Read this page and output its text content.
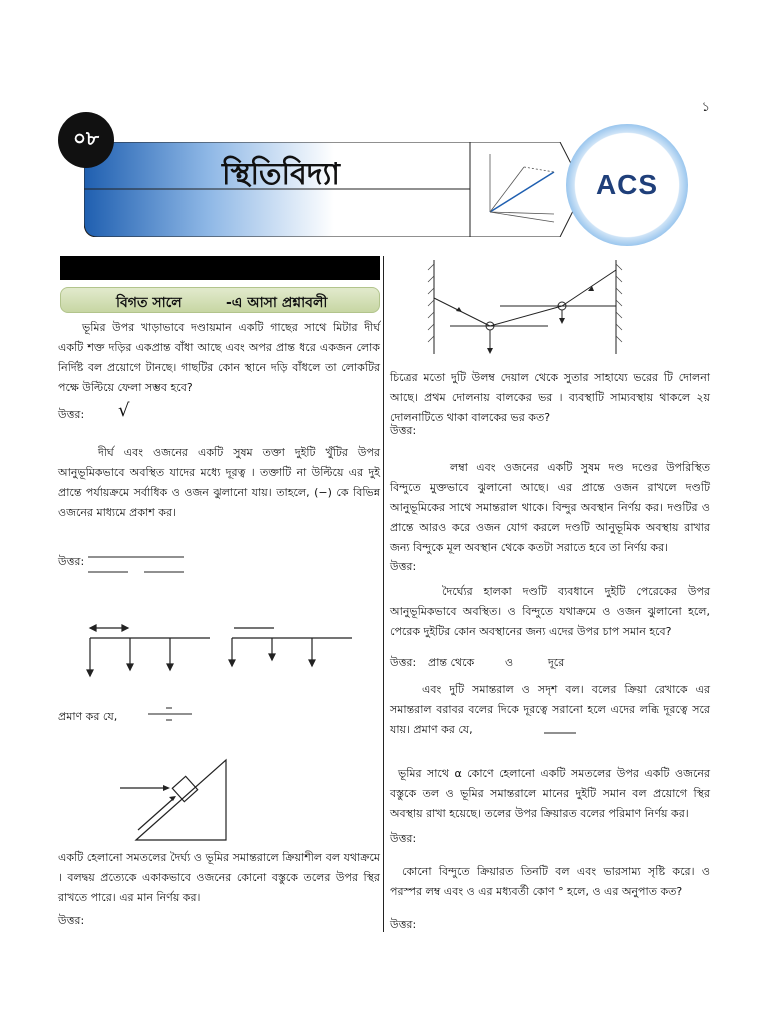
১
স্থিতিবিদ্যা
০৮
ACS
বিগত সালে	-এ আসা প্রশ্নাবলী

ভূমির উপর খাড়াভাবে দণ্ডায়মান একটি গাছের সাথে মিটার দীর্ঘ একটি শক্ত দড়ির একপ্রান্ত বাঁধা আছে এবং অপর প্রান্ত ধরে একজন লোক নির্দিষ্ট বল প্রয়োগে টানছে। গাছটির কোন স্থানে দড়ি বাঁধলে তা লোকটির পক্ষে উল্টিয়ে ফেলা সম্ভব হবে?

উত্তর: √

দীর্ঘ এবং ওজনের একটি সুষম তক্তা দুইটি খুঁটির উপর আনুভূমিকভাবে অবস্থিত যাদের মধ্যে দূরত্ব । তক্তাটি না উল্টিয়ে এর দুই প্রান্তে পর্যায়ক্রমে সর্বাধিক ও ওজন ঝুলানো যায়। তাহলে, (−) কে বিভিন্ন ওজনের মাধ্যমে প্রকাশ কর।

উত্তর:
প্রমাণ কর যে,

একটি হেলানো সমতলের দৈর্ঘ্য ও ভূমির সমান্তরালে ক্রিয়াশীল বল যথাক্রমে । বলদ্বয় প্রত্যেকে একাকভাবে ওজনের কোনো বস্তুকে তলের উপর স্থির রাখতে পারে। এর মান নির্ণয় কর।

উত্তর:

চিত্রের মতো দুটি উলম্ব দেয়াল থেকে সুতার সাহায্যে ভরের টি দোলনা আছে। প্রথম দোলনায় বালকের ভর । ব্যবস্থাটি সাম্যবস্থায় থাকলে ২য় দোলনাটিতে থাকা বালকের ভর কত?

উত্তর:

লম্বা এবং ওজনের একটি সুষম দণ্ড দণ্ডের উপরিস্থিত বিন্দুতে মুক্তভাবে ঝুলানো আছে। এর প্রান্তে ওজন রাখলে দণ্ডটি আনুভূমিকের সাথে সমান্তরাল থাকে। বিন্দুর অবস্থান নির্ণয় কর। দণ্ডটির ও প্রান্তে আরও করে ওজন যোগ করলে দণ্ডটি আনুভূমিক অবস্থায় রাখার জন্য বিন্দুকে মূল অবস্থান থেকে কতটা সরাতে হবে তা নির্ণয় কর।

উত্তর:

দৈর্ঘ্যের হালকা দণ্ডটি ব্যবধানে দুইটি পেরেকের উপর আনুভূমিকভাবে অবস্থিত। ও বিন্দুতে যথাক্রমে ও ওজন ঝুলানো হলে, পেরেক দুইটির কোন অবস্থানের জন্য এদের উপর চাপ সমান হবে?

উত্তর: প্রান্ত থেকে	ও	দূরে

এবং দুটি সমান্তরাল ও সদৃশ বল। বলের ক্রিয়া রেখাকে এর সমান্তরাল বরাবর বলের দিকে দূরত্বে সরানো হলে এদের লব্ধি দূরত্বে সরে যায়। প্রমাণ কর যে,

ভূমির সাথে α কোণে হেলানো একটি সমতলের উপর একটি ওজনের বস্তুকে তল ও ভূমির সমান্তরালে মানের দুইটি সমান বল প্রয়োগে স্থির অবস্থায় রাখা হয়েছে। তলের উপর ক্রিয়ারত বলের পরিমাণ নির্ণয় কর।

উত্তর:

কোনো বিন্দুতে ক্রিয়ারত তিনটি বল এবং ভারসাম্য সৃষ্টি করে। ও পরস্পর লম্ব এবং ও এর মধ্যবর্তী কোণ ° হলে, ও এর অনুপাত কত?

উত্তর:
